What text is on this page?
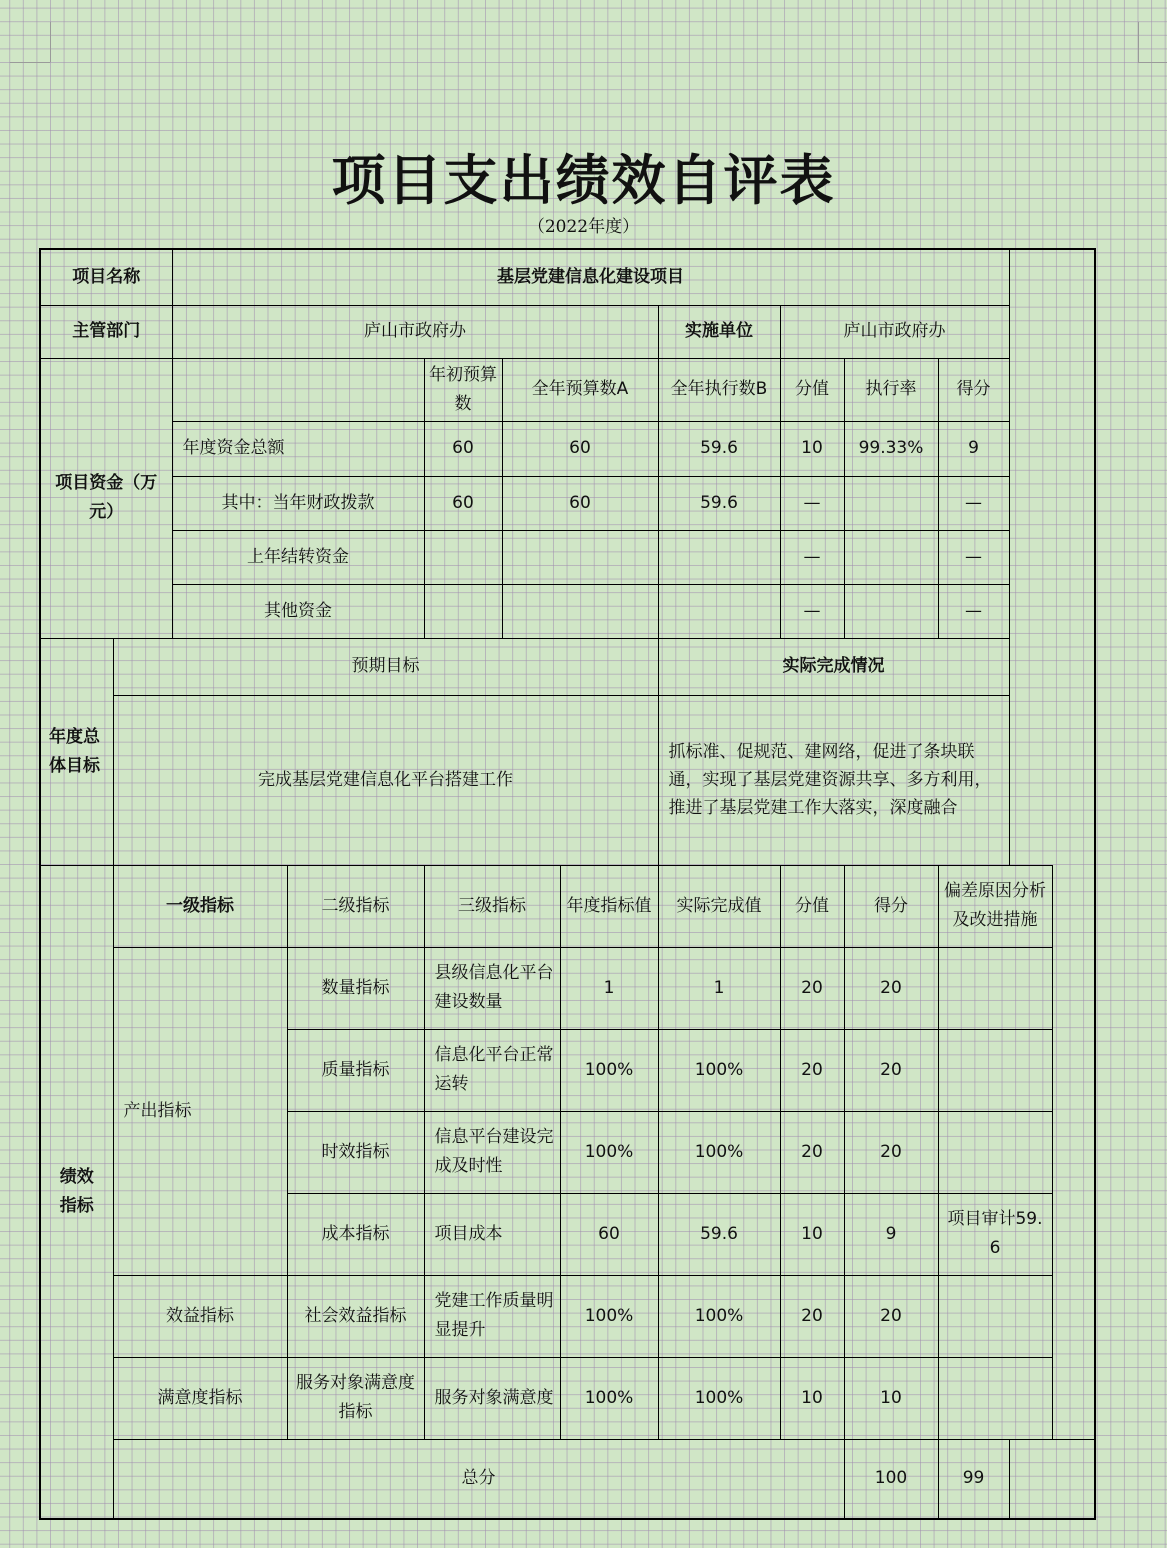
项目支出绩效自评表
（2022年度）
项目名称		基层党建信息化建设项目									
主管部门		庐山市政府办					实施单位	庐山市政府办			
项目资金（万元）				年初预算数	全年预算数A		全年执行数B	分值	执行率	得分	
		年度资金总额		60	60		59.6	10	99.33%	9	
		其中：当年财政拨款		60	60		59.6	—		—	
		上年结转资金						—		—	
		其他资金						—		—	
年度总体目标	预期目标						实际完成情况				
	完成基层党建信息化平台搭建工作						抓标准、促规范、建网络，促进了条块联通，实现了基层党建资源共享、多方利用，推进了基层党建工作大落实，深度融合				
绩效指标	一级指标		二级指标	三级指标		年度指标值	实际完成值	分值	得分	偏差原因分析及改进措施	
	产出指标		数量指标	县级信息化平台建设数量		1	1	20	20		
			质量指标	信息化平台正常运转		100%	100%	20	20		
			时效指标	信息平台建设完成及时性		100%	100%	20	20		
			成本指标	项目成本		60	59.6	10	9	项目审计59.6	
	效益指标		社会效益指标	党建工作质量明显提升		100%	100%	20	20		
	满意度指标		服务对象满意度指标	服务对象满意度		100%	100%	10	10		
	总分								100	99	
